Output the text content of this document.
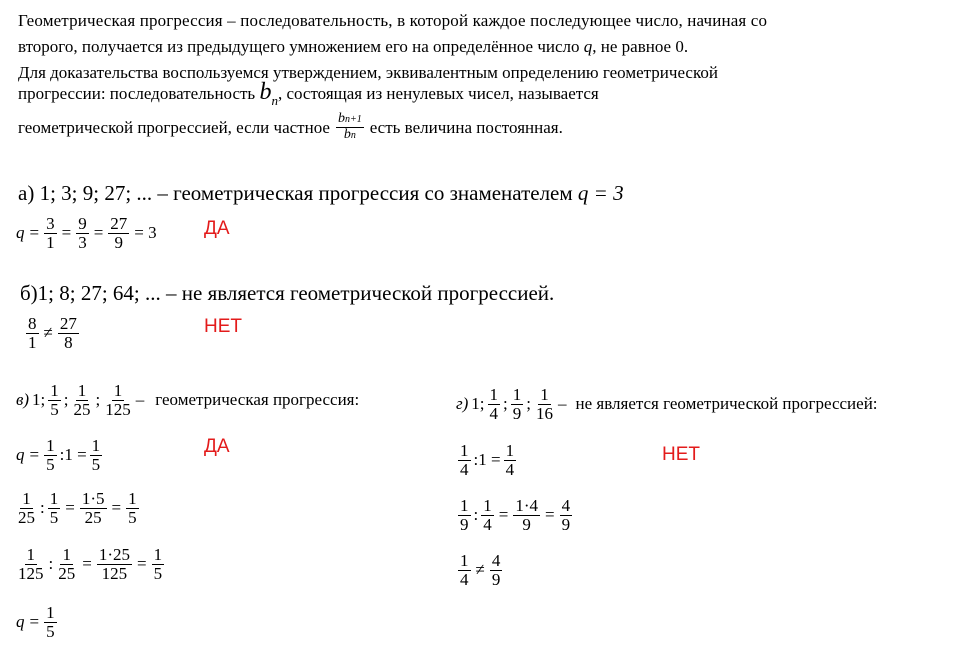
Геометрическая прогрессия – последовательность, в которой каждое последующее число, начиная со
второго, получается из предыдущего умножением его на определённое число q, не равное 0.
Для доказательства воспользуемся утверждением, эквивалентным определению геометрической
прогрессии: последовательность $b_n$, состоящая из ненулевых чисел, называется
геометрической прогрессией, если частное bn+1
bn есть величина постоянная.
а) 1; 3; 9; 27; ... – геометрическая прогрессия со знаменателем q = 3
$q = \frac{3}{1} = \frac{9}{3} = \frac{27}{9} = 3$ ДА
б)1; 8; 27; 64; ... – не является геометрической прогрессией.
$\frac{8}{1} \ne \frac{27}{8}$	НЕТ
в) 1; $\frac{1}{5}$ ; $\frac{1}{25}$ ; $\frac{1}{125}$ – геометрическая прогрессия:
ДА
$q = \frac{1}{5}$ :1 = $\frac{1}{5}$
$\frac{1}{25}$ : $\frac{1}{5} = \frac{1\cdot 5}{25} = \frac{1}{5}$
$\frac{1}{125}$ : $\frac{1}{25} = \frac{1\cdot 25}{125} = \frac{1}{5}$
$q = \frac{1}{5}$
г) 1; $\frac{1}{4}$ ; $\frac{1}{9}$ ; $\frac{1}{16}$ – не является геометрической прогрессией:
НЕТ
$\frac{1}{4}$ :1 = $\frac{1}{4}$
$\frac{1}{9}$ : $\frac{1}{4} = \frac{1\cdot 4}{9} = \frac{4}{9}$
$\frac{1}{4} \ne \frac{4}{9}$
